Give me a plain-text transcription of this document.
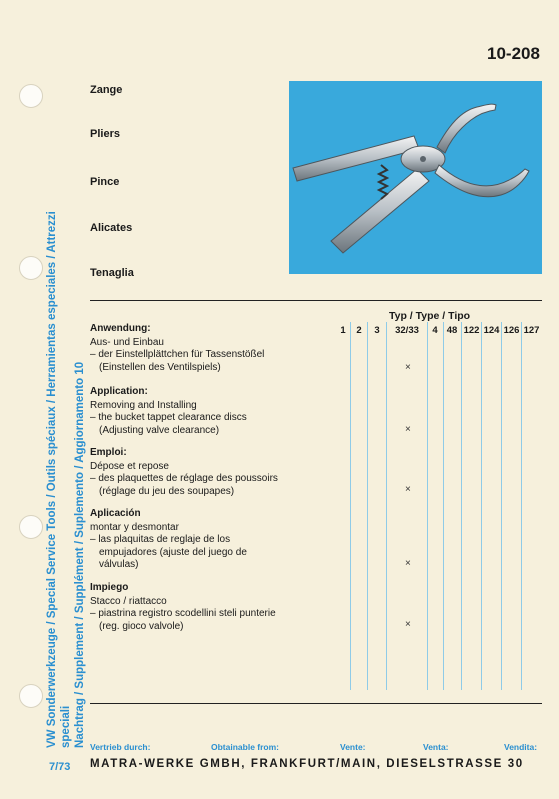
10-208
Zange
Pliers
Pince
Alicates
Tenaglia
VW Sonderwerkzeuge / Special Service Tools / Outils spéciaux / Herramientas especiales / Attrezzi speciali Nachtrag / Supplement / Supplément / Suplemento / Aggiornamento 10
Typ / Type / Tipo
1	2	3	32/33	4 48 122 124 126 127
Anwendung:
Aus- und Einbau
– der Einstellplättchen für Tassenstößel
(Einstellen des Ventilspiels)	×
Application:
Removing and Installing
– the bucket tappet clearance discs
(Adjusting valve clearance)	×
Emploi:
Dépose et repose
– des plaquettes de réglage des poussoirs
(réglage du jeu des soupapes)	×
Aplicación
montar y desmontar
– las plaquitas de reglaje de los
empujadores (ajuste del juego de
válvulas)	×
Impiego
Stacco / riattacco
– piastrina registro scodellini steli punterie
(reg. gioco valvole)	×
Vertrieb durch:	Obtainable from:	Vente:	Venta:	Vendita:
7/73 MATRA-WERKE GMBH, FRANKFURT/MAIN, DIESELSTRASSE 30
